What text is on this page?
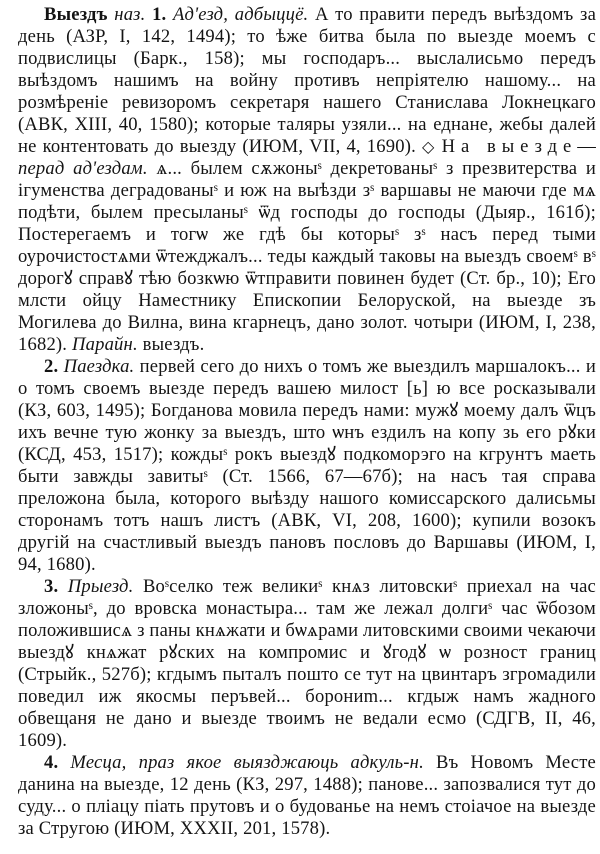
Выездъ наз. 1. Ад'езд, адбыццё. А то правити передъ выѣздомъ за день (АЗР, I, 142, 1494); то ѣже битва была по выезде моемъ с подвислицы (Барк., 158); мы господаръ... выслалисьмо передъ выѣздомъ нашимъ на войну противъ непрiятелю нашому... на розмѣренiе ревизоромъ секретаря нашего Станислава Локнецкаго (АВК, XIII, 40, 1580); которые таляры узяли... на еднане, жебы далей не контентовать до выезду (ИЮМ, VII, 4, 1690). ◇ На выезде—перад ад'ездам. ѧ... былем сѫжоныˢ декретованыˢ з презвитерства и ігуменства деградованыˢ и юж на выѣзди зˢ варшавы не маючи где мѧ подѣти, былем пресыланыˢ ѿд господы до господы (Дыяр., 161б); Постерегаемъ и тогѡ же гдѣ бы которыˢ зˢ насъ перед тыми оурочистостѧми ѿтежджалъ... теды каждый таковы на выездъ своемˢ вˢ дорогꙋ справꙋ тѣю бозкѡю ѿтправити повинен будет (Ст. бр., 10); Его млсти ойцу Наместнику Епископии Белоруской, на выезде зъ Могилева до Вилна, вина кгарнецъ, дано золот. чотыри (ИЮМ, I, 238, 1682). Парайн. выездъ.

2. Паездка. первей сего до нихъ о томъ же выездилъ маршалокъ... и о томъ своемъ выезде передъ вашею милост [ь] ю все росказывали (КЗ, 603, 1495); Богданова мовила передъ нами: мужꙋ моему далъ ѿцъ ихъ вечне тую жонку за выездъ, што ѡнъ ездилъ на копу зь его рꙋки (КСД, 453, 1517); кождыˢ рокъ выездꙋ подкоморэго на кгрунтъ маеть быти завжды завитыˢ (Ст. 1566, 67—67б); на насъ тая справа преложона была, которого выѣзду нашого комиссарского далисьмы сторонамъ тотъ нашъ листъ (АВК, VI, 208, 1600); купили возокъ другiй на счастливый выездъ пановъ пословъ до Варшавы (ИЮМ, I, 94, 1680).

3. Прыезд. Воˢселко теж великиˢ кнѧз литовскиˢ приехал на час зложоныˢ, до вровска монастыра... там же лежал долгиˢ час ѿбозом положившисѧ з паны кнѧжати и бѡѧрами литовскими своими чекаючи выездꙋ кнѧжат рꙋских на компромис и ꙋгодꙋ ѡ розност границ (Стрыйк., 527б); кгдымъ пыталъ пошто се тут на цвинтаръ згромадили поведил иж якосмы перъвей... борониm... кгдыж намъ жадного обвещаня не дано и выезде твоимъ не ведали есмо (СДГВ, II, 46, 1609).

4. Месца, праз якое выязджаюць адкуль-н. Въ Новомъ Месте данина на выезде, 12 день (КЗ, 297, 1488); панове... запозвалися тут до суду... о пліацу піать прутовъ и о будованье на немъ стоіачое на выезде за Стругою (ИЮМ, XXXII, 201, 1578).
